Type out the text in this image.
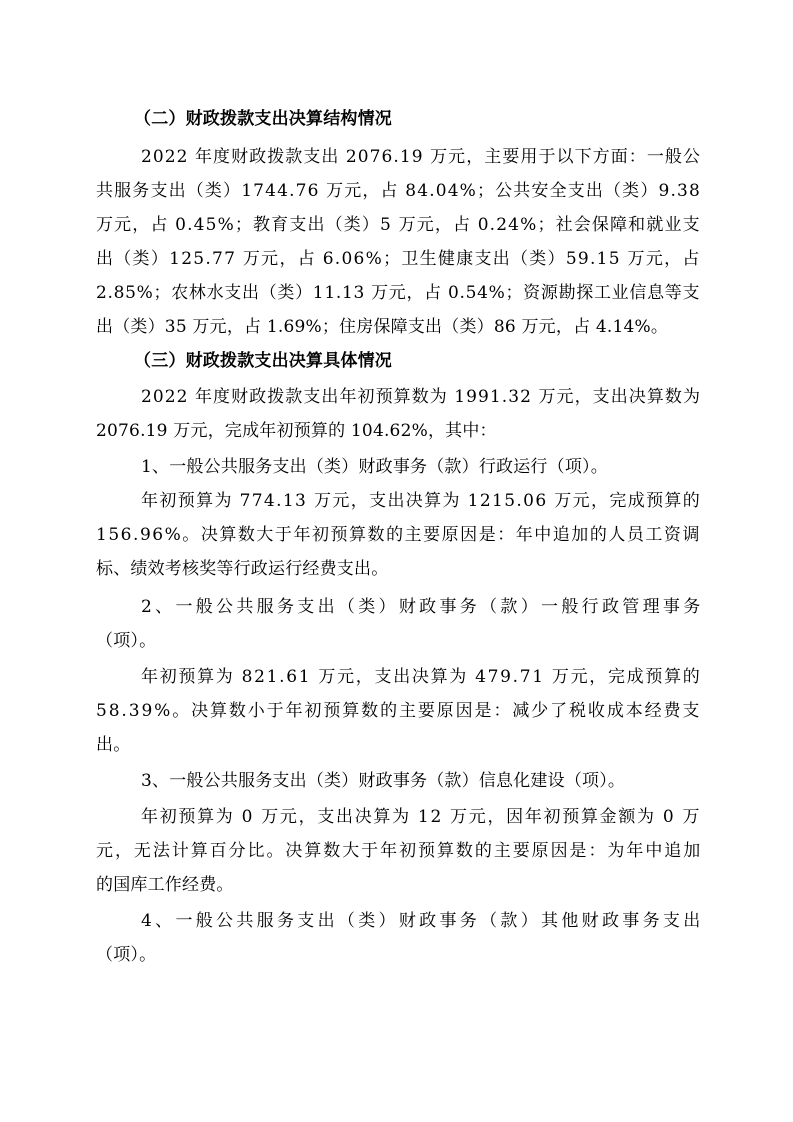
（二）财政拨款支出决算结构情况
2022 年度财政拨款支出 2076.19 万元，主要用于以下方面：一般公
共服务支出（类）1744.76 万元，占 84.04%；公共安全支出（类）9.38
万元，占 0.45%；教育支出（类）5 万元，占 0.24%；社会保障和就业支
出（类）125.77 万元，占 6.06%；卫生健康支出（类）59.15 万元，占
2.85%；农林水支出（类）11.13 万元，占 0.54%；资源勘探工业信息等支
出（类）35 万元，占 1.69%；住房保障支出（类）86 万元，占 4.14%。
（三）财政拨款支出决算具体情况
2022 年度财政拨款支出年初预算数为 1991.32 万元，支出决算数为
2076.19 万元，完成年初预算的 104.62%，其中：
1、一般公共服务支出（类）财政事务（款）行政运行（项）。
年初预算为 774.13 万元，支出决算为 1215.06 万元，完成预算的
156.96%。决算数大于年初预算数的主要原因是：年中追加的人员工资调
标、绩效考核奖等行政运行经费支出。
2、一般公共服务支出（类）财政事务（款）一般行政管理事务
（项）。
年初预算为 821.61 万元，支出决算为 479.71 万元，完成预算的
58.39%。决算数小于年初预算数的主要原因是：减少了税收成本经费支
出。
3、一般公共服务支出（类）财政事务（款）信息化建设（项）。
年初预算为 0 万元，支出决算为 12 万元，因年初预算金额为 0 万
元，无法计算百分比。决算数大于年初预算数的主要原因是：为年中追加
的国库工作经费。
4、一般公共服务支出（类）财政事务（款）其他财政事务支出
（项）。
